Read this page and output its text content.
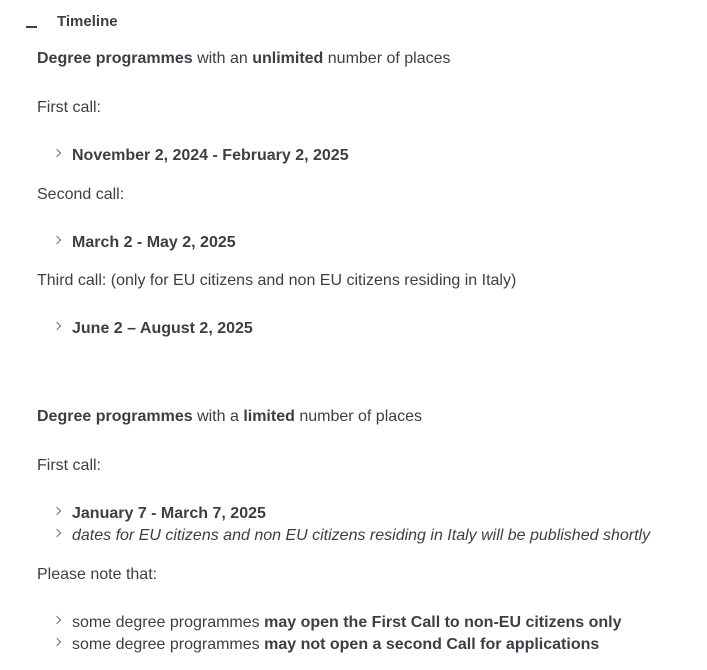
Timeline
Degree programmes with an unlimited number of places
First call:
November 2, 2024 - February 2, 2025
Second call:
March 2 - May 2, 2025
Third call: (only for EU citizens and non EU citizens residing in Italy)
June 2 – August 2, 2025
Degree programmes with a limited number of places
First call:
January 7 - March 7, 2025
dates for EU citizens and non EU citizens residing in Italy will be published shortly
Please note that:
some degree programmes
may open the First Call to non-EU citizens only
some degree programmes
may not open a second Call for applications
